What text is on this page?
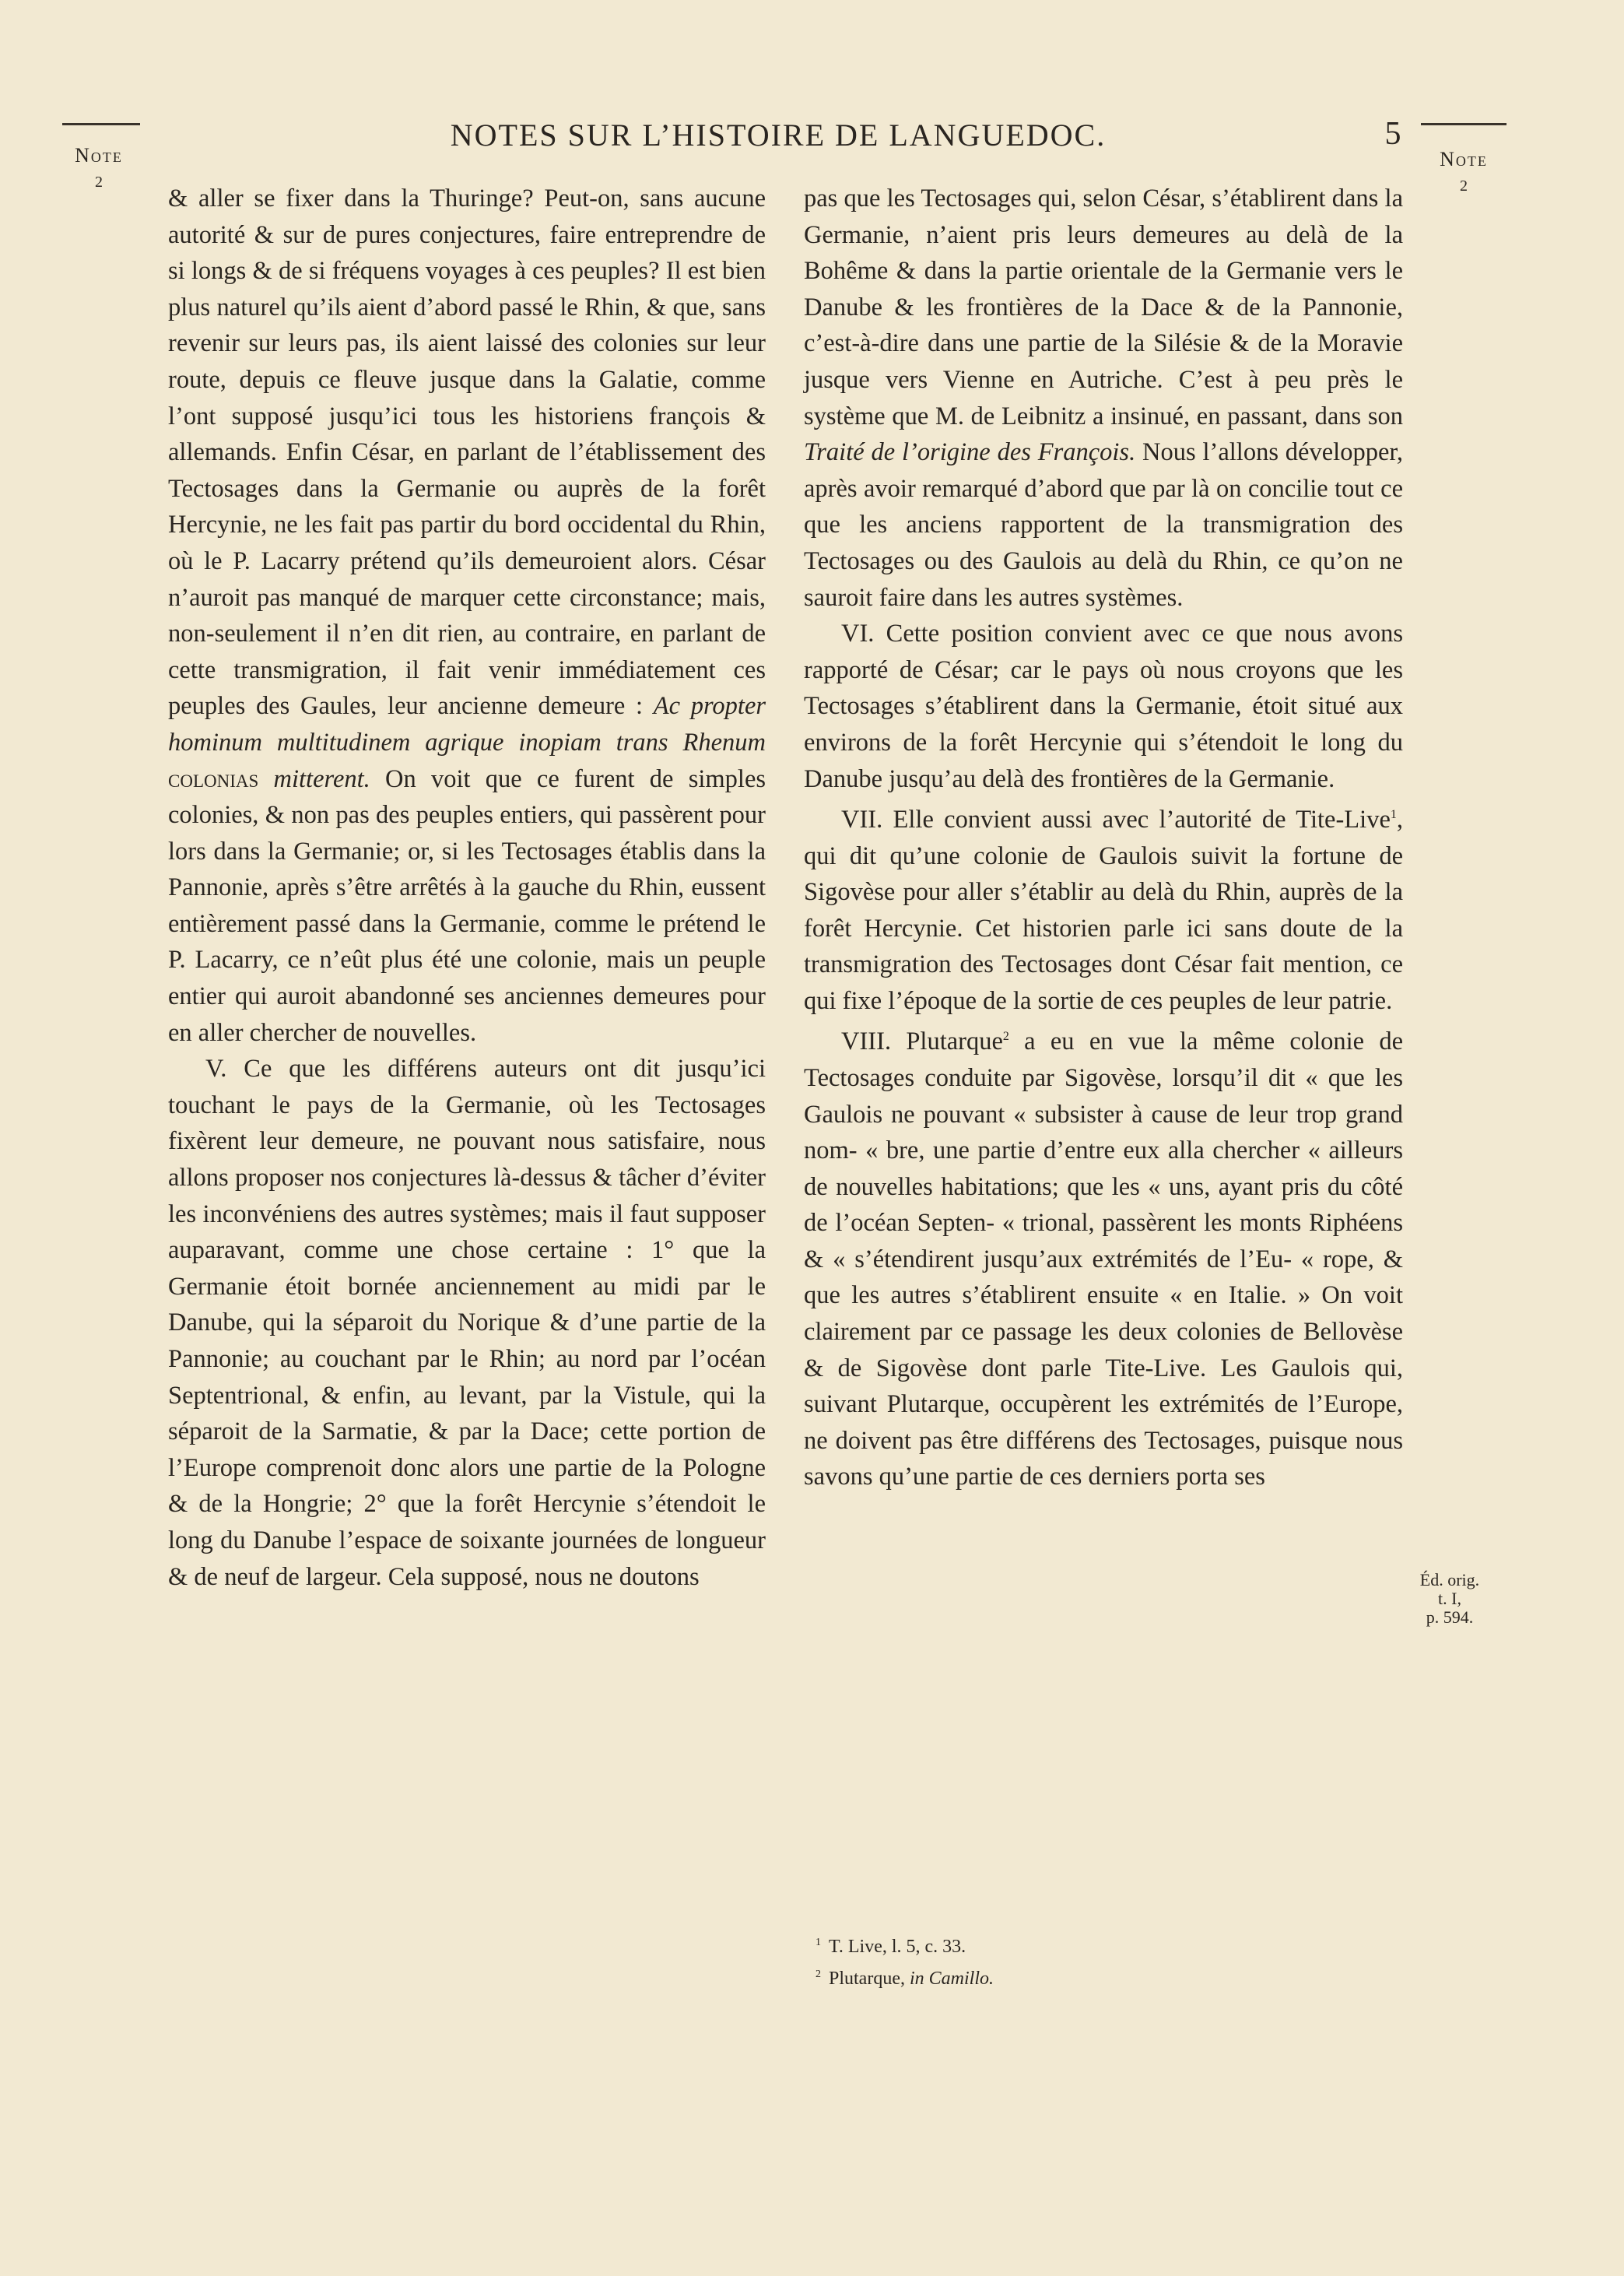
Note
2
NOTES SUR L’HISTOIRE DE LANGUEDOC.	5
Note
2

& aller se fixer dans la Thuringe? Peut-on, sans aucune autorité & sur de pures conjectures, faire entreprendre de si longs & de si fréquens voyages à ces peuples? Il est bien plus naturel qu’ils aient d’abord passé le Rhin, & que, sans revenir sur leurs pas, ils aient laissé des colonies sur leur route, depuis ce fleuve jusque dans la Galatie, comme l’ont supposé jusqu’ici tous les historiens françois & allemands. Enfin César, en parlant de l’établissement des Tectosages dans la Germanie ou auprès de la forêt Hercynie, ne les fait pas partir du bord occidental du Rhin, où le P. Lacarry prétend qu’ils demeuroient alors. César n’auroit pas manqué de marquer cette circonstance; mais, non-seulement il n’en dit rien, au contraire, en parlant de cette transmigration, il fait venir immédiatement ces peuples des Gaules, leur ancienne demeure : Ac propter hominum multitudinem agrique inopiam trans Rhenum colonias mitterent. On voit que ce furent de simples colonies, & non pas des peuples entiers, qui passèrent pour lors dans la Germanie; or, si les Tectosages établis dans la Pannonie, après s’être arrêtés à la gauche du Rhin, eussent entièrement passé dans la Germanie, comme le prétend le P. Lacarry, ce n’eût plus été une colonie, mais un peuple entier qui auroit abandonné ses anciennes demeures pour en aller chercher de nouvelles.

V. Ce que les différens auteurs ont dit jusqu’ici touchant le pays de la Germanie, où les Tectosages fixèrent leur demeure, ne pouvant nous satisfaire, nous allons proposer nos conjectures là-dessus & tâcher d’éviter les inconvéniens des autres systèmes; mais il faut supposer auparavant, comme une chose certaine : 1° que la Germanie étoit bornée anciennement au midi par le Danube, qui la séparoit du Norique & d’une partie de la Pannonie; au couchant par le Rhin; au nord par l’océan Septentrional, & enfin, au levant, par la Vistule, qui la séparoit de la Sarmatie, & par la Dace; cette portion de l’Europe comprenoit donc alors une partie de la Pologne & de la Hongrie; 2° que la forêt Hercynie s’étendoit le long du Danube l’espace de soixante journées de longueur & de neuf de largeur. Cela supposé, nous ne doutons

pas que les Tectosages qui, selon César, s’établirent dans la Germanie, n’aient pris leurs demeures au delà de la Bohême & dans la partie orientale de la Germanie vers le Danube & les frontières de la Dace & de la Pannonie, c’est-à-dire dans une partie de la Silésie & de la Moravie jusque vers Vienne en Autriche. C’est à peu près le système que M. de Leibnitz a insinué, en passant, dans son Traité de l’origine des François. Nous l’allons développer, après avoir remarqué d’abord que par là on concilie tout ce que les anciens rapportent de la transmigration des Tectosages ou des Gaulois au delà du Rhin, ce qu’on ne sauroit faire dans les autres systèmes.

VI. Cette position convient avec ce que nous avons rapporté de César; car le pays où nous croyons que les Tectosages s’établirent dans la Germanie, étoit situé aux environs de la forêt Hercynie qui s’étendoit le long du Danube jusqu’au delà des frontières de la Germanie.

VII. Elle convient aussi avec l’autorité de Tite-Live$^1$, qui dit qu’une colonie de Gaulois suivit la fortune de Sigovèse pour aller s’établir au delà du Rhin, auprès de la forêt Hercynie. Cet historien parle ici sans doute de la transmigration des Tectosages dont César fait mention, ce qui fixe l’époque de la sortie de ces peuples de leur patrie.

VIII. Plutarque$^2$ a eu en vue la même colonie de Tectosages conduite par Sigovèse, lorsqu’il dit « que les Gaulois ne pouvant « subsister à cause de leur trop grand nom- « bre, une partie d’entre eux alla chercher « ailleurs de nouvelles habitations; que les « uns, ayant pris du côté de l’océan Septen- « trional, passèrent les monts Riphéens & « s’étendirent jusqu’aux extrémités de l’Eu- « rope, & que les autres s’établirent ensuite « en Italie. » On voit clairement par ce passage les deux colonies de Bellovèse & de Sigovèse dont parle Tite-Live. Les Gaulois qui, suivant Plutarque, occupèrent les extrémités de l’Europe, ne doivent pas être différens des Tectosages, puisque nous savons qu’une partie de ces derniers porta ses

Éd. orig.
t. I,
p. 594.

$^1$ T. Live, l. 5, c. 33.

$^2$ Plutarque, in Camillo.
